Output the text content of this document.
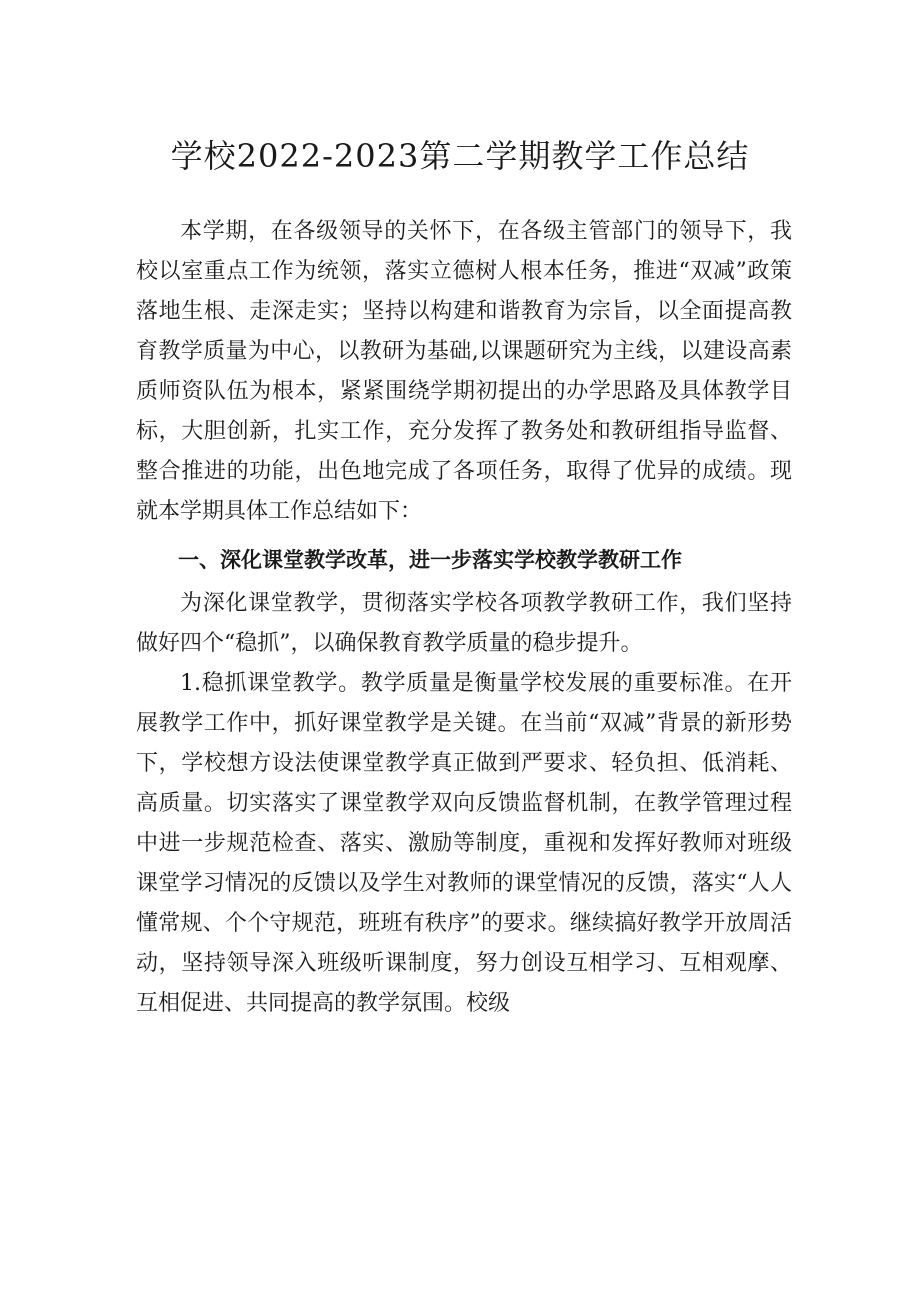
学校2022-2023第二学期教学工作总结

本学期，在各级领导的关怀下，在各级主管部门的领导下，我校以室重点工作为统领，落实立德树人根本任务，推进“双减”政策落地生根、走深走实；坚持以构建和谐教育为宗旨，以全面提高教育教学质量为中心，以教研为基础,以课题研究为主线，以建设高素质师资队伍为根本，紧紧围绕学期初提出的办学思路及具体教学目标，大胆创新，扎实工作，充分发挥了教务处和教研组指导监督、整合推进的功能，出色地完成了各项任务，取得了优异的成绩。现就本学期具体工作总结如下：

一、深化课堂教学改革，进一步落实学校教学教研工作

为深化课堂教学，贯彻落实学校各项教学教研工作，我们坚持做好四个“稳抓”，以确保教育教学质量的稳步提升。

1.稳抓课堂教学。教学质量是衡量学校发展的重要标准。在开展教学工作中，抓好课堂教学是关键。在当前“双减”背景的新形势下，学校想方设法使课堂教学真正做到严要求、轻负担、低消耗、高质量。切实落实了课堂教学双向反馈监督机制，在教学管理过程中进一步规范检查、落实、激励等制度，重视和发挥好教师对班级课堂学习情况的反馈以及学生对教师的课堂情况的反馈，落实“人人懂常规、个个守规范，班班有秩序”的要求。继续搞好教学开放周活动，坚持领导深入班级听课制度，努力创设互相学习、互相观摩、互相促进、共同提高的教学氛围。校级
